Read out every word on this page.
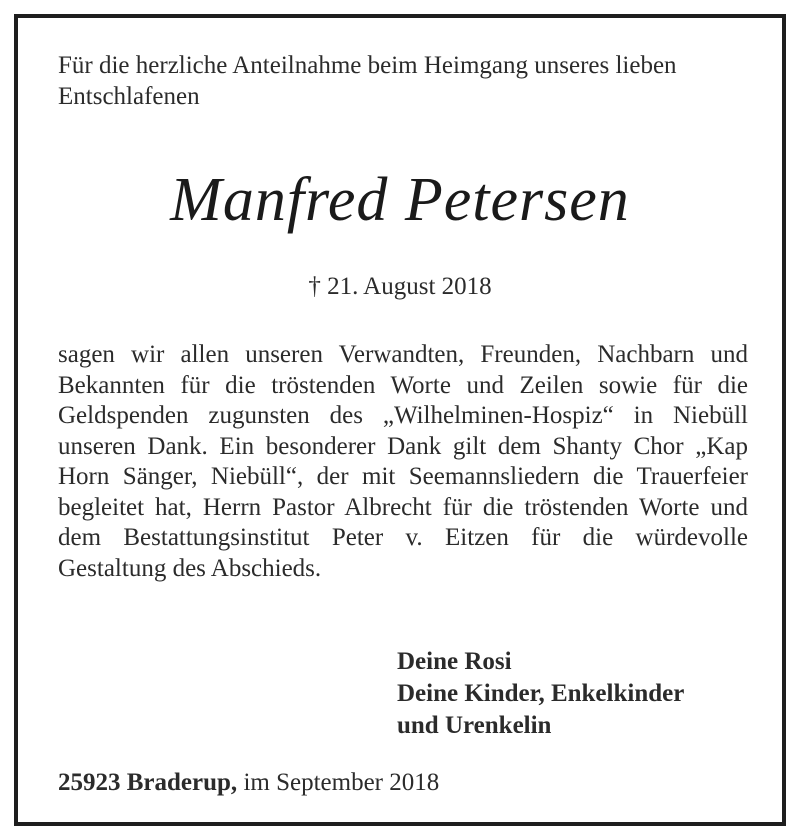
Für die herzliche Anteilnahme beim Heimgang unseres lieben Entschlafenen
Manfred Petersen
† 21. August 2018

sagen wir allen unseren Verwandten, Freunden, Nachbarn und Bekannten für die tröstenden Worte und Zeilen sowie für die Geldspenden zugunsten des „Wilhelminen-Hospiz“ in Niebüll unseren Dank. Ein besonderer Dank gilt dem Shanty Chor „Kap Horn Sänger, Niebüll“, der mit Seemannsliedern die Trauerfeier begleitet hat, Herrn Pastor Albrecht für die tröstenden Worte und dem Bestattungsinstitut Peter v. Eitzen für die würdevolle Gestaltung des Abschieds.

Deine Rosi
Deine Kinder, Enkelkinder
und Urenkelin
25923 Braderup, im September 2018
